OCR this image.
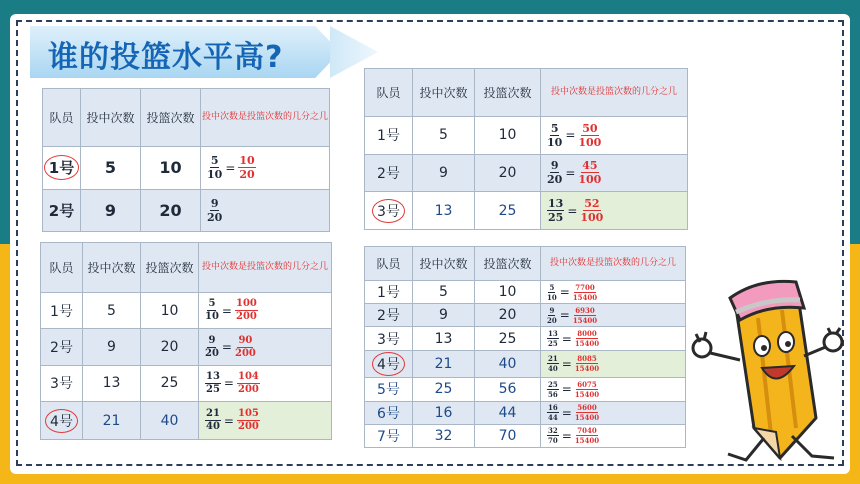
谁的投篮水平高?
队员	投中次数	投篮次数	投中次数是投篮次数的几分之几
1号	5	10	$\frac{5}{10} = \frac{10}{20}$

2号	9	20	$\frac{9}{20}$
队员	投中次数	投篮次数	投中次数是投篮次数的几分之几
1号	5	10	$\frac{5}{10} = \frac{50}{100}$

2号	9	20	$\frac{9}{20} = \frac{45}{100}$

3号	13	25	$\frac{13}{25} = \frac{52}{100}$
队员	投中次数	投篮次数	投中次数是投篮次数的几分之几
1号	5	10	$\frac{5}{10} = \frac{100}{200}$

2号	9	20	$\frac{9}{20} = \frac{90}{200}$

3号	13	25	$\frac{13}{25} = \frac{104}{200}$

4号	21	40	$\frac{21}{40} = \frac{105}{200}$
队员	投中次数	投篮次数	投中次数是投篮次数的几分之几
1号	5	10	$\frac{5}{10} = \frac{7700}{15400}$

2号	9	20	$\frac{9}{20} = \frac{6930}{15400}$

3号	13	25	$\frac{13}{25} = \frac{8000}{15400}$

4号	21	40	$\frac{21}{40} = \frac{8085}{15400}$

5号	25	56	$\frac{25}{56} = \frac{6075}{15400}$

6号	16	44	$\frac{16}{44} = \frac{5600}{15400}$

7号	32	70	$\frac{32}{70} = \frac{7040}{15400}$
